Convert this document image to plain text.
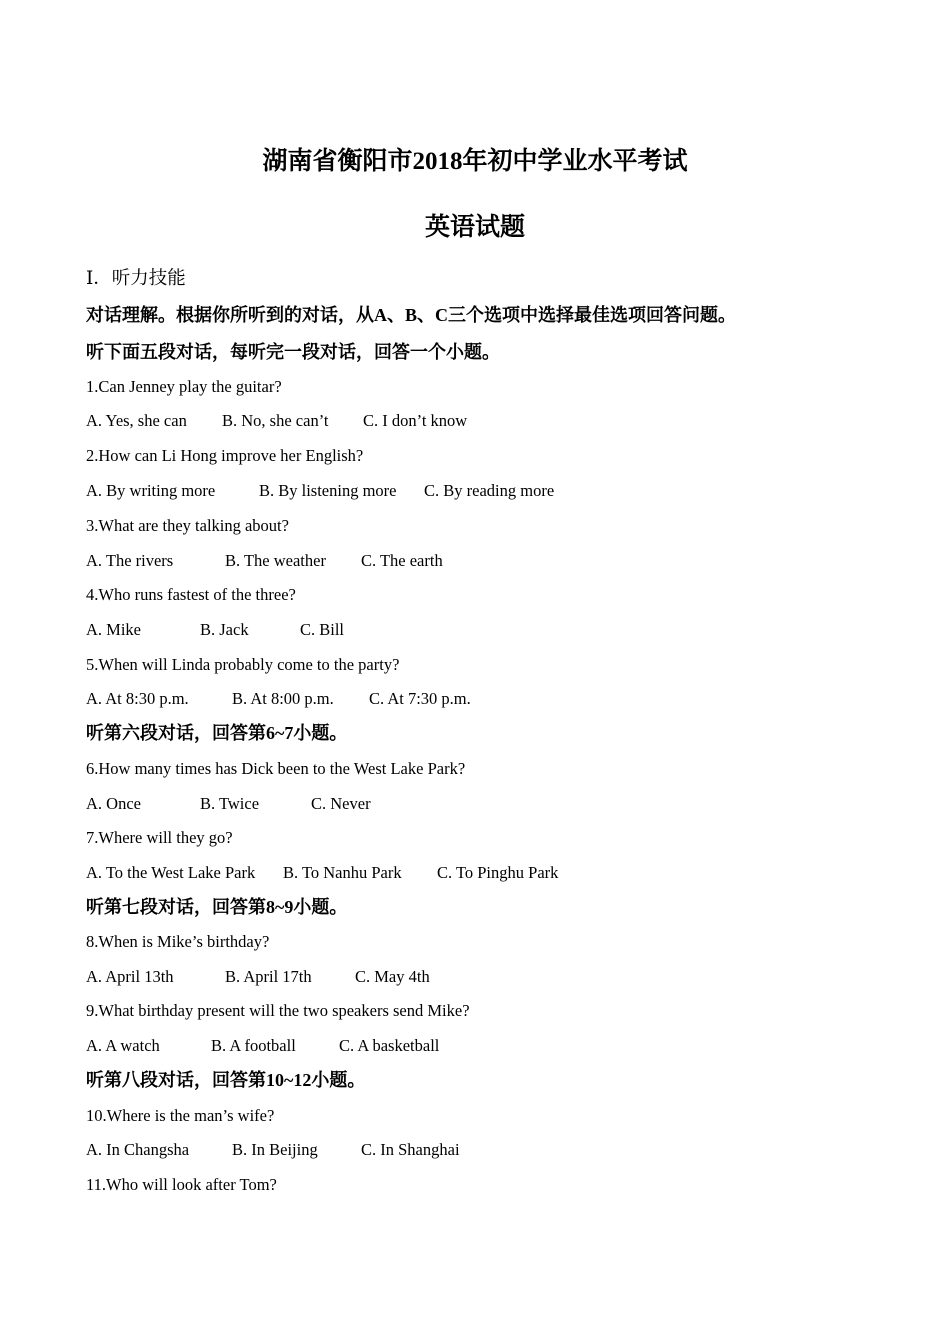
湖南省衡阳市2018年初中学业水平考试
英语试题
Ⅰ．听力技能
对话理解。根据你所听到的对话，从A、B、C三个选项中选择最佳选项回答问题。
听下面五段对话，每听完一段对话，回答一个小题。
1.Can Jenney play the guitar?
A. Yes, she can B. No, she can’t C. I don’t know
2.How can Li Hong improve her English?
A. By writing more	B. By listening more C. By reading more
3.What are they talking about?
A. The rivers	B. The weather C. The earth
4.Who runs fastest of the three?
A. Mike	B. Jack	C. Bill
5.When will Linda probably come to the party?
A. At 8:30 p.m.	B. At 8:00 p.m. C. At 7:30 p.m.
听第六段对话，回答第6~7小题。
6.How many times has Dick been to the West Lake Park?
A. Once	B. Twice	C. Never
7.Where will they go?
A. To the West Lake Park B. To Nanhu Park C. To Pinghu Park
听第七段对话，回答第8~9小题。
8.When is Mike’s birthday?
A. April 13th	B. April 17th	C. May 4th
9.What birthday present will the two speakers send Mike?
A. A watch	B. A football	C. A basketball
听第八段对话，回答第10~12小题。
10.Where is the man’s wife?
A. In Changsha	B. In Beijing	C. In Shanghai
11.Who will look after Tom?
